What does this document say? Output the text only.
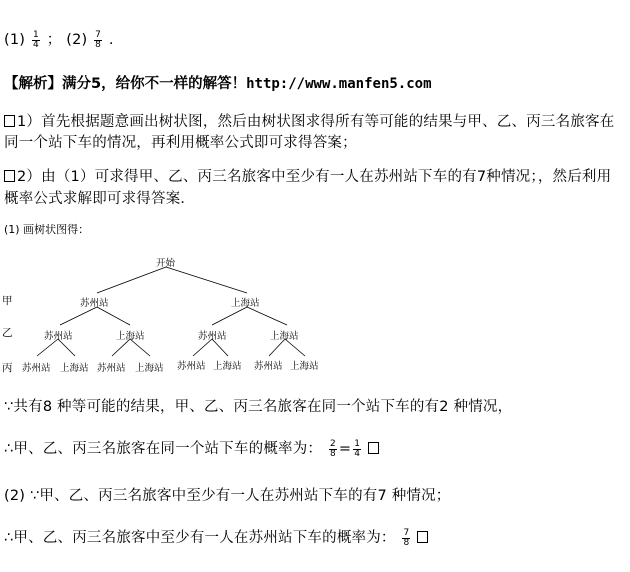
$(1) \frac{1}{4}$ ； $(2) \frac{7}{8}$ .
【解析】满分5，给你不一样的解答！http://www.manfen5.com
1）首先根据题意画出树状图，然后由树状图求得所有等可能的结果与甲、乙、丙三名旅客在
同一个站下车的情况，再利用概率公式即可求得答案；
2）由（1）可求得甲、乙、丙三名旅客中至少有一人在苏州站下车的有7种情况；，然后利用
概率公式求解即可求得答案．
(1) 画树状图得：
开始
苏州站	上海站
苏州站	上海站	苏州站	上海站
苏州站 上海站 苏州站 上海站 苏州站 上海站 苏州站 上海站
甲
乙
丙
∵共有8 种等可能的结果，甲、乙、丙三名旅客在同一个站下车的有2 种情况，
∴甲、乙、丙三名旅客在同一个站下车的概率为： $\frac{2}{8} = \frac{1}{4}$

(2) ∵甲、乙、丙三名旅客中至少有一人在苏州站下车的有7 种情况；
∴甲、乙、丙三名旅客中至少有一人在苏州站下车的概率为： $\frac{7}{8}$
